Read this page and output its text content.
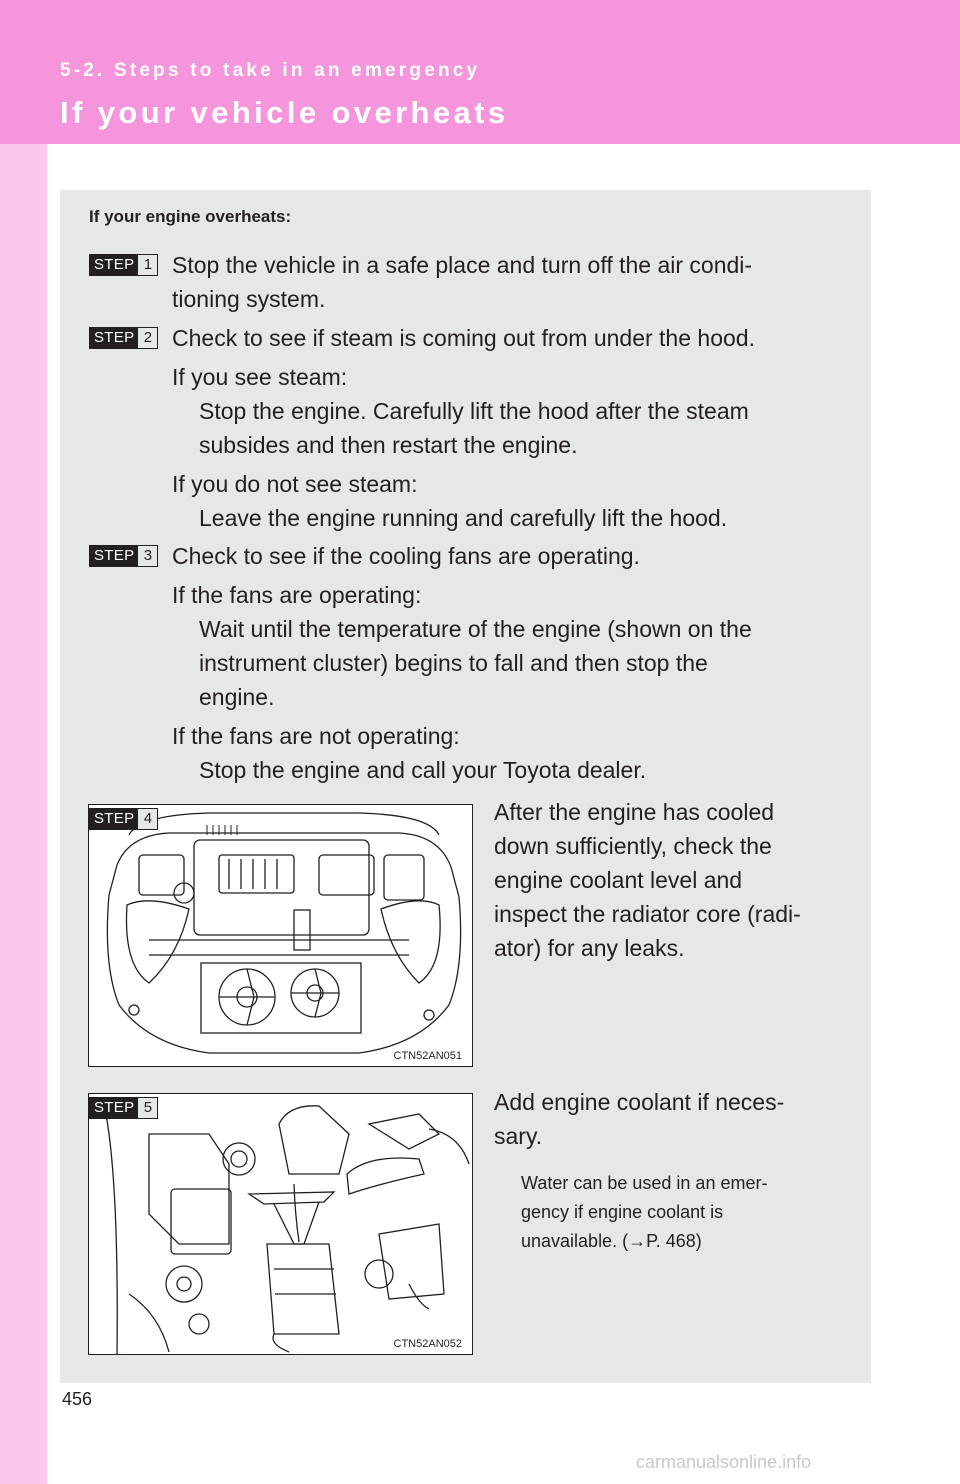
5-2. Steps to take in an emergency
If your vehicle overheats
If your engine overheats:
STEP 1 Stop the vehicle in a safe place and turn off the air condi-
tioning system.
STEP 2 Check to see if steam is coming out from under the hood.
If you see steam:
Stop the engine. Carefully lift the hood after the steam
subsides and then restart the engine.
If you do not see steam:
Leave the engine running and carefully lift the hood.
STEP 3 Check to see if the cooling fans are operating.
If the fans are operating:
Wait until the temperature of the engine (shown on the
instrument cluster) begins to fall and then stop the
engine.
If the fans are not operating:
Stop the engine and call your Toyota dealer.
CTN52AN051
STEP 4	After the engine has cooled
down sufficiently, check the
engine coolant level and
inspect the radiator core (radi-
ator) for any leaks.
CTN52AN052
STEP 5	Add engine coolant if neces-
sary.
Water can be used in an emer-
gency if engine coolant is
unavailable. (→P. 468)
456
carmanualsonline.info
